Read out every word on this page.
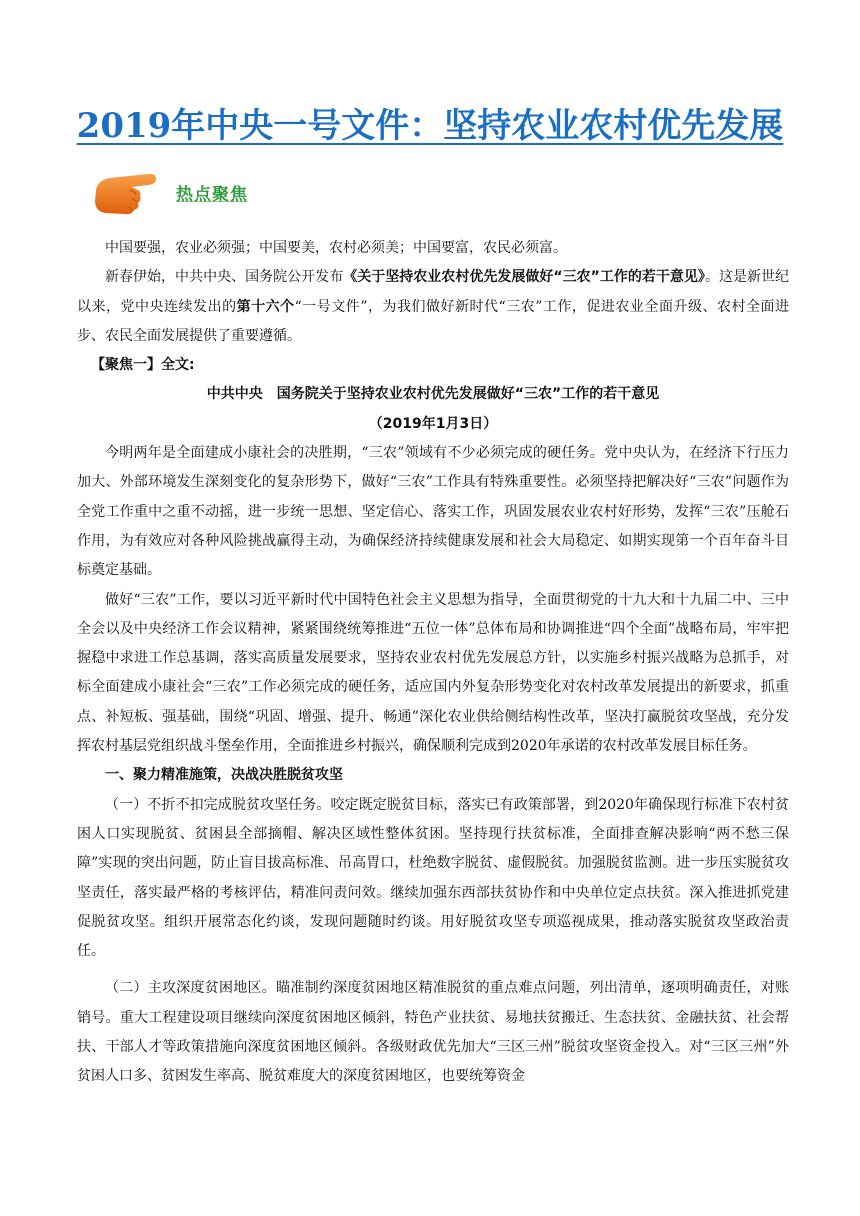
2019年中央一号文件：坚持农业农村优先发展
热点聚焦

中国要强，农业必须强；中国要美，农村必须美；中国要富，农民必须富。

新春伊始，中共中央、国务院公开发布《关于坚持农业农村优先发展做好“三农”工作的若干意见》。这是新世纪以来，党中央连续发出的第十六个“一号文件”，为我们做好新时代“三农”工作，促进农业全面升级、农村全面进步、农民全面发展提供了重要遵循。

【聚焦一】全文:

中共中央　国务院关于坚持农业农村优先发展做好“三农”工作的若干意见

（2019年1月3日）

今明两年是全面建成小康社会的决胜期，“三农”领域有不少必须完成的硬任务。党中央认为，在经济下行压力加大、外部环境发生深刻变化的复杂形势下，做好“三农”工作具有特殊重要性。必须坚持把解决好“三农”问题作为全党工作重中之重不动摇，进一步统一思想、坚定信心、落实工作，巩固发展农业农村好形势，发挥“三农”压舱石作用，为有效应对各种风险挑战赢得主动，为确保经济持续健康发展和社会大局稳定、如期实现第一个百年奋斗目标奠定基础。

做好“三农”工作，要以习近平新时代中国特色社会主义思想为指导，全面贯彻党的十九大和十九届二中、三中全会以及中央经济工作会议精神，紧紧围绕统筹推进“五位一体”总体布局和协调推进“四个全面”战略布局，牢牢把握稳中求进工作总基调，落实高质量发展要求，坚持农业农村优先发展总方针，以实施乡村振兴战略为总抓手，对标全面建成小康社会“三农”工作必须完成的硬任务，适应国内外复杂形势变化对农村改革发展提出的新要求，抓重点、补短板、强基础，围绕“巩固、增强、提升、畅通”深化农业供给侧结构性改革，坚决打赢脱贫攻坚战，充分发挥农村基层党组织战斗堡垒作用，全面推进乡村振兴，确保顺利完成到2020年承诺的农村改革发展目标任务。

一、聚力精准施策，决战决胜脱贫攻坚

（一）不折不扣完成脱贫攻坚任务。咬定既定脱贫目标，落实已有政策部署，到2020年确保现行标准下农村贫困人口实现脱贫、贫困县全部摘帽、解决区域性整体贫困。坚持现行扶贫标准，全面排查解决影响“两不愁三保障”实现的突出问题，防止盲目拔高标准、吊高胃口，杜绝数字脱贫、虚假脱贫。加强脱贫监测。进一步压实脱贫攻坚责任，落实最严格的考核评估，精准问责问效。继续加强东西部扶贫协作和中央单位定点扶贫。深入推进抓党建促脱贫攻坚。组织开展常态化约谈，发现问题随时约谈。用好脱贫攻坚专项巡视成果，推动落实脱贫攻坚政治责任。

（二）主攻深度贫困地区。瞄准制约深度贫困地区精准脱贫的重点难点问题，列出清单，逐项明确责任，对账销号。重大工程建设项目继续向深度贫困地区倾斜，特色产业扶贫、易地扶贫搬迁、生态扶贫、金融扶贫、社会帮扶、干部人才等政策措施向深度贫困地区倾斜。各级财政优先加大“三区三州”脱贫攻坚资金投入。对“三区三州”外贫困人口多、贫困发生率高、脱贫难度大的深度贫困地区，也要统筹资金
